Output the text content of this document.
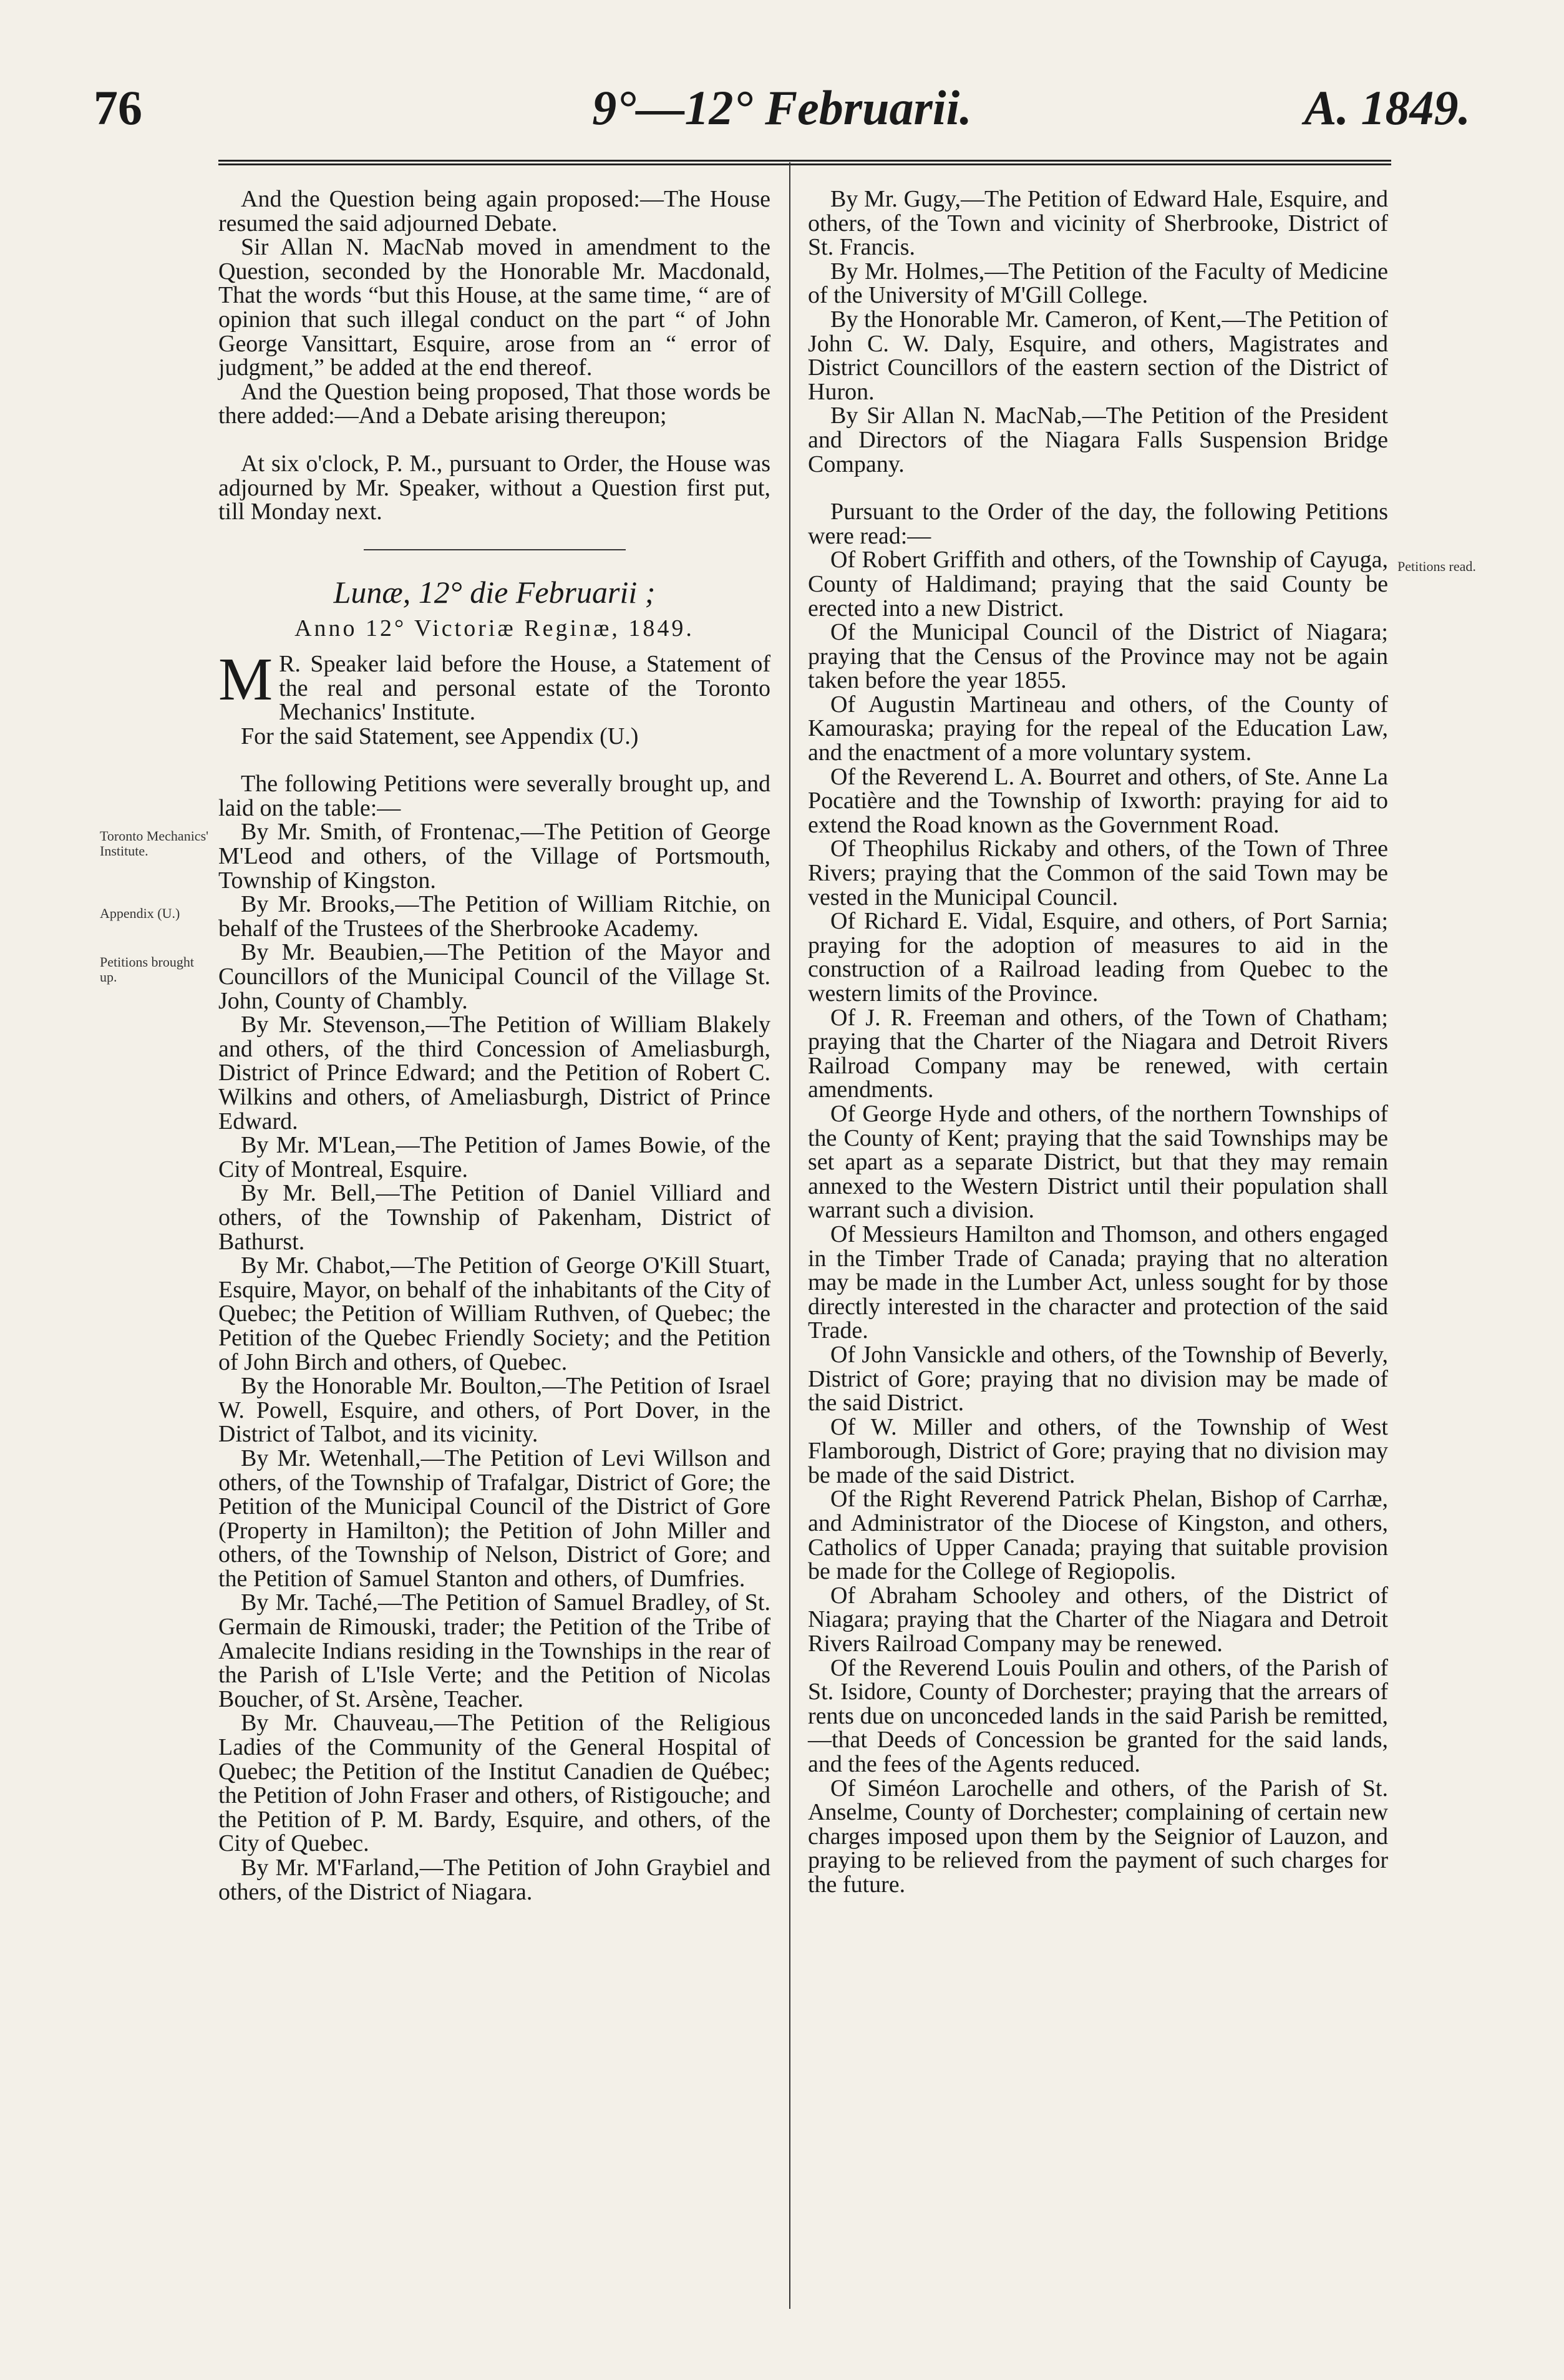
76	9°—12° Februarii.	A. 1849.
Toronto Mechanics' Institute.
Appendix (U.)
Petitions brought up.
Petitions read.

And the Question being again proposed:—The House resumed the said adjourned Debate.

Sir Allan N. MacNab moved in amendment to the Question, seconded by the Honorable Mr. Macdonald, That the words “but this House, at the same time, “ are of opinion that such illegal conduct on the part “ of John George Vansittart, Esquire, arose from an “ error of judgment,” be added at the end thereof.

And the Question being proposed, That those words be there added:—And a Debate arising thereupon;

At six o'clock, P. M., pursuant to Order, the House was adjourned by Mr. Speaker, without a Question first put, till Monday next.

Lunæ, 12° die Februarii ;

Anno 12° Victoriæ Reginæ, 1849.

M R. Speaker laid before the House, a Statement of the real and personal estate of the Toronto Mechanics' Institute.

For the said Statement, see Appendix (U.)

The following Petitions were severally brought up, and laid on the table:—

By Mr. Smith, of Frontenac,—The Petition of George M'Leod and others, of the Village of Portsmouth, Township of Kingston.

By Mr. Brooks,—The Petition of William Ritchie, on behalf of the Trustees of the Sherbrooke Academy.

By Mr. Beaubien,—The Petition of the Mayor and Councillors of the Municipal Council of the Village St. John, County of Chambly.

By Mr. Stevenson,—The Petition of William Blakely and others, of the third Concession of Ameliasburgh, District of Prince Edward; and the Petition of Robert C. Wilkins and others, of Ameliasburgh, District of Prince Edward.

By Mr. M'Lean,—The Petition of James Bowie, of the City of Montreal, Esquire.

By Mr. Bell,—The Petition of Daniel Villiard and others, of the Township of Pakenham, District of Bathurst.

By Mr. Chabot,—The Petition of George O'Kill Stuart, Esquire, Mayor, on behalf of the inhabitants of the City of Quebec; the Petition of William Ruthven, of Quebec; the Petition of the Quebec Friendly Society; and the Petition of John Birch and others, of Quebec.

By the Honorable Mr. Boulton,—The Petition of Israel W. Powell, Esquire, and others, of Port Dover, in the District of Talbot, and its vicinity.

By Mr. Wetenhall,—The Petition of Levi Willson and others, of the Township of Trafalgar, District of Gore; the Petition of the Municipal Council of the District of Gore (Property in Hamilton); the Petition of John Miller and others, of the Township of Nelson, District of Gore; and the Petition of Samuel Stanton and others, of Dumfries.

By Mr. Taché,—The Petition of Samuel Bradley, of St. Germain de Rimouski, trader; the Petition of the Tribe of Amalecite Indians residing in the Townships in the rear of the Parish of L'Isle Verte; and the Petition of Nicolas Boucher, of St. Arsène, Teacher.

By Mr. Chauveau,—The Petition of the Religious Ladies of the Community of the General Hospital of Quebec; the Petition of the Institut Canadien de Québec; the Petition of John Fraser and others, of Ristigouche; and the Petition of P. M. Bardy, Esquire, and others, of the City of Quebec.

By Mr. M'Farland,—The Petition of John Graybiel and others, of the District of Niagara.

By Mr. Gugy,—The Petition of Edward Hale, Esquire, and others, of the Town and vicinity of Sherbrooke, District of St. Francis.

By Mr. Holmes,—The Petition of the Faculty of Medicine of the University of M'Gill College.

By the Honorable Mr. Cameron, of Kent,—The Petition of John C. W. Daly, Esquire, and others, Magistrates and District Councillors of the eastern section of the District of Huron.

By Sir Allan N. MacNab,—The Petition of the President and Directors of the Niagara Falls Suspension Bridge Company.

Pursuant to the Order of the day, the following Petitions were read:—

Of Robert Griffith and others, of the Township of Cayuga, County of Haldimand; praying that the said County be erected into a new District.

Of the Municipal Council of the District of Niagara; praying that the Census of the Province may not be again taken before the year 1855.

Of Augustin Martineau and others, of the County of Kamouraska; praying for the repeal of the Education Law, and the enactment of a more voluntary system.

Of the Reverend L. A. Bourret and others, of Ste. Anne La Pocatière and the Township of Ixworth: praying for aid to extend the Road known as the Government Road.

Of Theophilus Rickaby and others, of the Town of Three Rivers; praying that the Common of the said Town may be vested in the Municipal Council.

Of Richard E. Vidal, Esquire, and others, of Port Sarnia; praying for the adoption of measures to aid in the construction of a Railroad leading from Quebec to the western limits of the Province.

Of J. R. Freeman and others, of the Town of Chatham; praying that the Charter of the Niagara and Detroit Rivers Railroad Company may be renewed, with certain amendments.

Of George Hyde and others, of the northern Townships of the County of Kent; praying that the said Townships may be set apart as a separate District, but that they may remain annexed to the Western District until their population shall warrant such a division.

Of Messieurs Hamilton and Thomson, and others engaged in the Timber Trade of Canada; praying that no alteration may be made in the Lumber Act, unless sought for by those directly interested in the character and protection of the said Trade.

Of John Vansickle and others, of the Township of Beverly, District of Gore; praying that no division may be made of the said District.

Of W. Miller and others, of the Township of West Flamborough, District of Gore; praying that no division may be made of the said District.

Of the Right Reverend Patrick Phelan, Bishop of Carrhæ, and Administrator of the Diocese of Kingston, and others, Catholics of Upper Canada; praying that suitable provision be made for the College of Regiopolis.

Of Abraham Schooley and others, of the District of Niagara; praying that the Charter of the Niagara and Detroit Rivers Railroad Company may be renewed.

Of the Reverend Louis Poulin and others, of the Parish of St. Isidore, County of Dorchester; praying that the arrears of rents due on unconceded lands in the said Parish be remitted,—that Deeds of Concession be granted for the said lands, and the fees of the Agents reduced.

Of Siméon Larochelle and others, of the Parish of St. Anselme, County of Dorchester; complaining of certain new charges imposed upon them by the Seignior of Lauzon, and praying to be relieved from the payment of such charges for the future.
